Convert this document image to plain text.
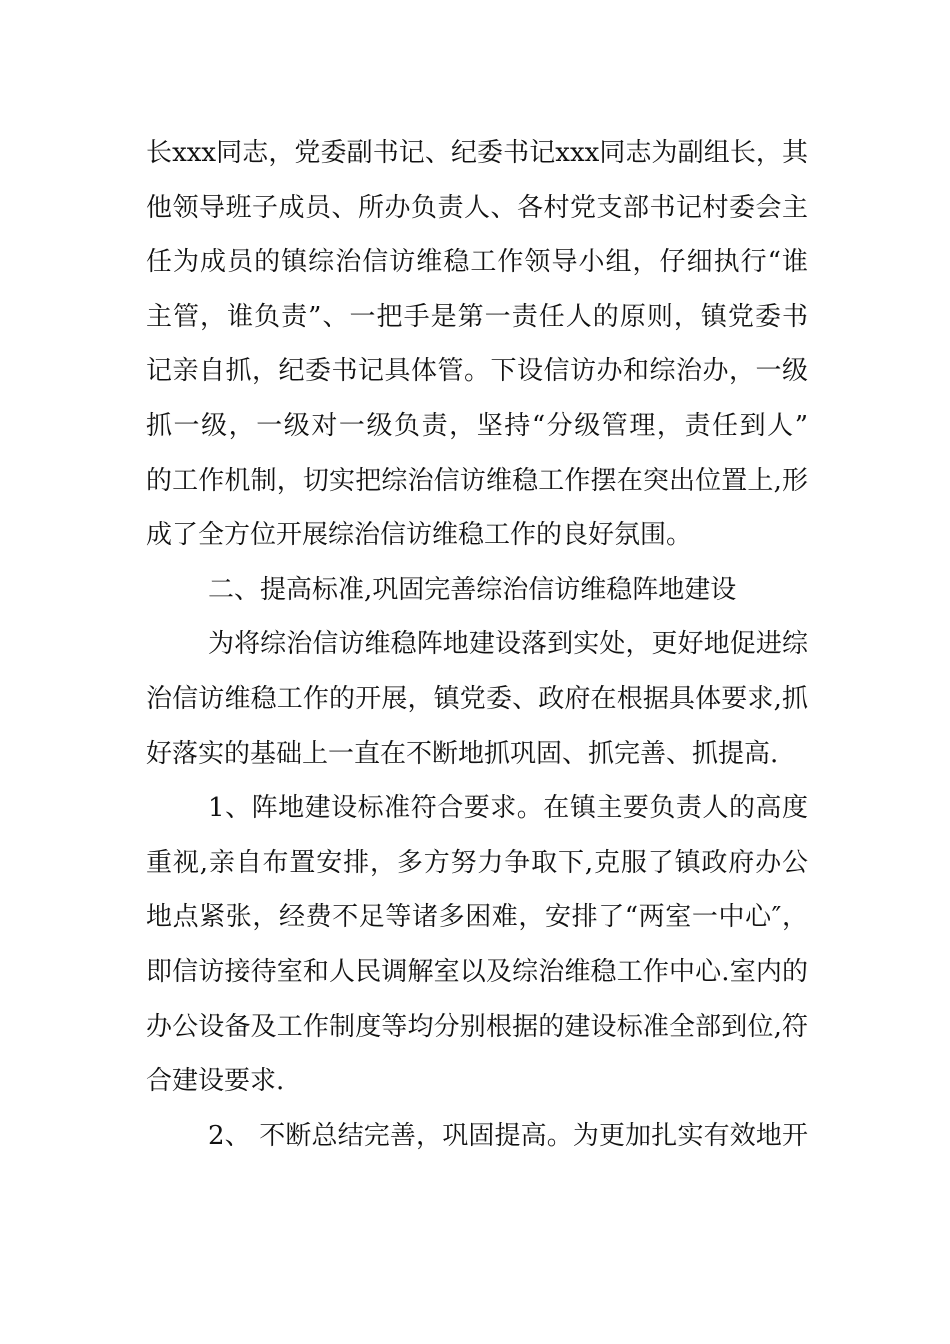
长xxx同志，党委副书记、纪委书记xxx同志为副组长，其
他领导班子成员、所办负责人、各村党支部书记村委会主
任为成员的镇综治信访维稳工作领导小组，仔细执行“谁
主管，谁负责”、一把手是第一责任人的原则，镇党委书
记亲自抓，纪委书记具体管。下设信访办和综治办，一级
抓一级，一级对一级负责，坚持“分级管理，责任到人”
的工作机制，切实把综治信访维稳工作摆在突出位置上,形
成了全方位开展综治信访维稳工作的良好氛围。
二、提高标准,巩固完善综治信访维稳阵地建设
为将综治信访维稳阵地建设落到实处，更好地促进综
治信访维稳工作的开展，镇党委、政府在根据具体要求,抓
好落实的基础上一直在不断地抓巩固、抓完善、抓提高.
1、阵地建设标准符合要求。在镇主要负责人的高度
重视,亲自布置安排，多方努力争取下,克服了镇政府办公
地点紧张，经费不足等诸多困难，安排了“两室一中心″，
即信访接待室和人民调解室以及综治维稳工作中心.室内的
办公设备及工作制度等均分别根据的建设标准全部到位,符
合建设要求.
2、 不断总结完善，巩固提高。为更加扎实有效地开
